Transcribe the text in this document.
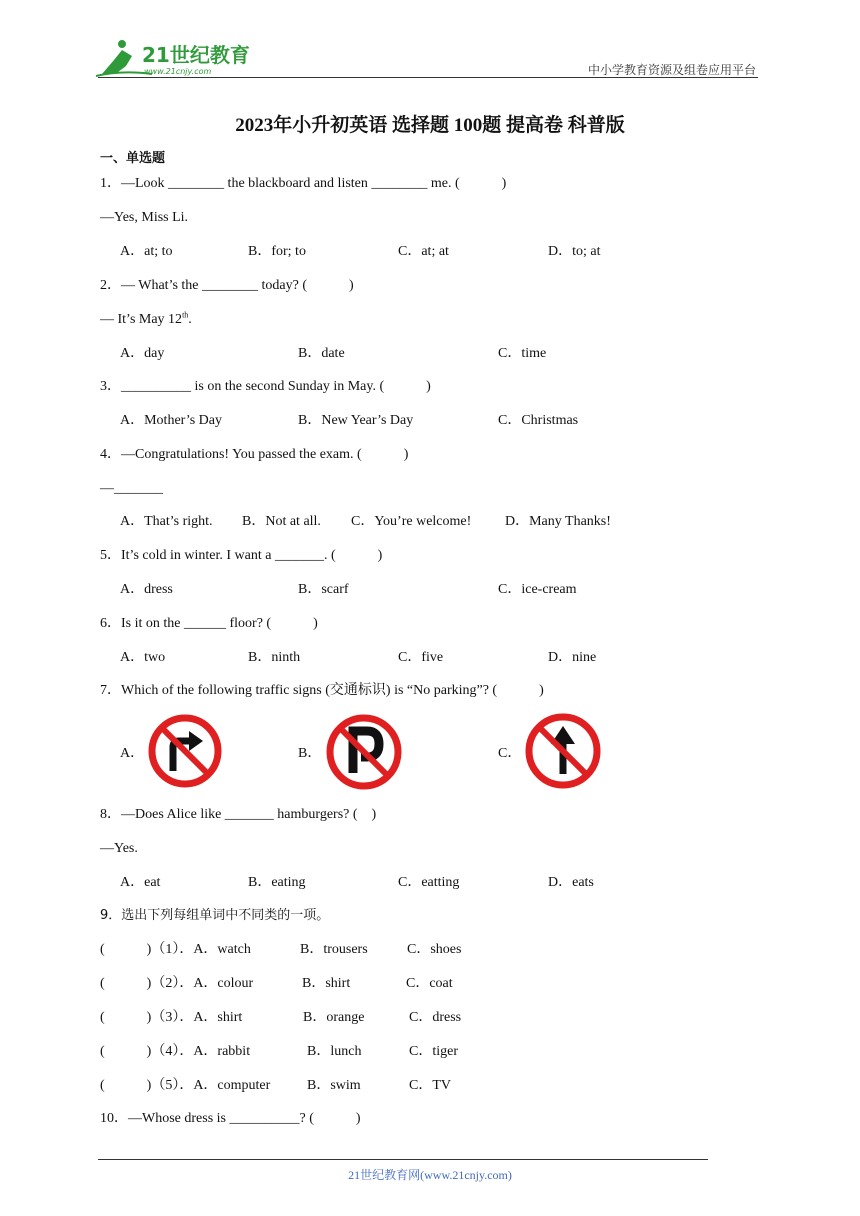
21世纪教育
www.21cnjy.com	中小学教育资源及组卷应用平台
2023年小升初英语 选择题 100题 提高卷 科普版
一、单选题
1．—Look ________ the blackboard and listen ________ me. (　　　)
—Yes, Miss Li.
A．at; to	B．for; to	C．at; at	D．to; at
2．— What’s the ________ today? (　　　)
— It’s May 12th.
A．day	B．date	C．time
3．__________ is on the second Sunday in May. (　　　)
A．Mother’s Day	B．New Year’s Day	C．Christmas
4．—Congratulations! You passed the exam. (　　　)
—_______
A．That’s right. B．Not at all. C．You’re welcome! D．Many Thanks!
5．It’s cold in winter. I want a _______. (　　　)
A．dress	B．scarf	C．ice-cream
6．Is it on the ______ floor? (　　　)
A．two	B．ninth	C．five	D．nine
7．Which of the following traffic signs (交通标识) is “No parking”? (　　　)
A．	B．	C．
8．—Does Alice like _______ hamburgers? (　)
—Yes.
A．eat	B．eating	C．eatting	D．eats
9．选出下列每组单词中不同类的一项。
(　　　)（1）．A．watch	B．trousers	C．shoes
(　　　)（2）．A．colour	B．shirt	C．coat
(　　　)（3）．A．shirt	B．orange	C．dress
(　　　)（4）．A．rabbit	B．lunch	C．tiger
(　　　)（5）．A．computer	B．swim	C．TV
10．—Whose dress is __________? (　　　)
21世纪教育网(www.21cnjy.com)
